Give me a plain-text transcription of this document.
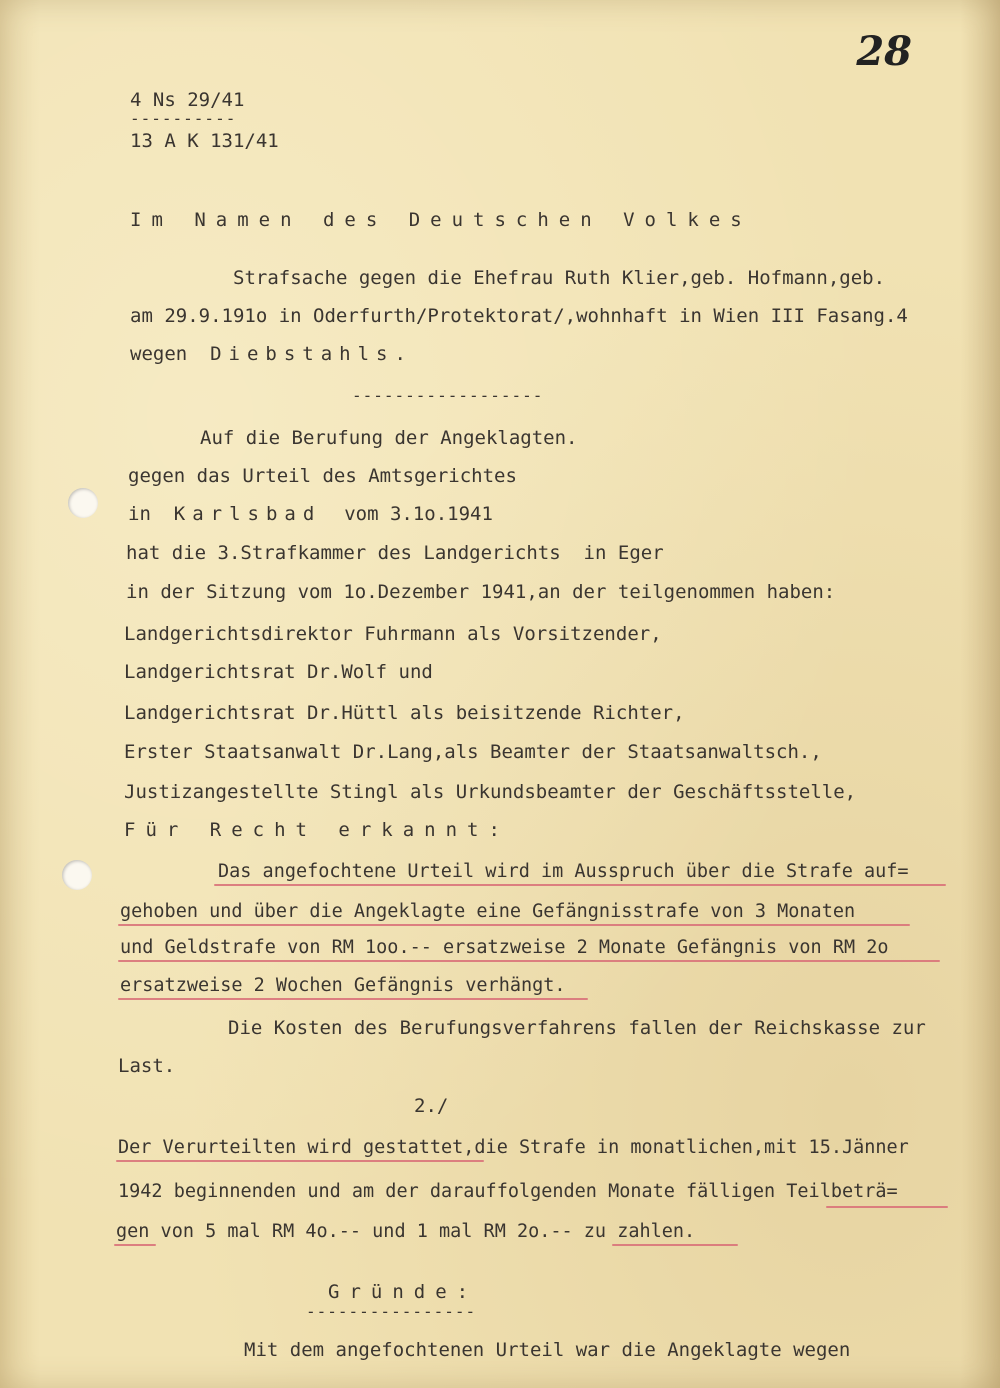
28
4 Ns 29/41
----------
13 A K 131/41
Im Namen des Deutschen Volkes
Strafsache gegen die Ehefrau Ruth Klier,geb. Hofmann,geb.
am 29.9.191o in Oderfurth/Protektorat/,wohnhaft in Wien III Fasang.4
wegen Diebstahls.
------------------
Auf die Berufung der Angeklagten.
gegen das Urteil des Amtsgerichtes
in Karlsbad vom 3.1o.1941
hat die 3.Strafkammer des Landgerichts  in Eger
in der Sitzung vom 1o.Dezember 1941,an der teilgenommen haben:
Landgerichtsdirektor Fuhrmann als Vorsitzender,
Landgerichtsrat Dr.Wolf und
Landgerichtsrat Dr.Hüttl als beisitzende Richter,
Erster Staatsanwalt Dr.Lang,als Beamter der Staatsanwaltsch.,
Justizangestellte Stingl als Urkundsbeamter der Geschäftsstelle,
Für Recht erkannt:
Das angefochtene Urteil wird im Ausspruch über die Strafe auf=
gehoben und über die Angeklagte eine Gefängnisstrafe von 3 Monaten
und Geldstrafe von RM 1oo.-- ersatzweise 2 Monate Gefängnis von RM 2o
ersatzweise 2 Wochen Gefängnis verhängt.
Die Kosten des Berufungsverfahrens fallen der Reichskasse zur
Last.
2./
Der Verurteilten wird gestattet,die Strafe in monatlichen,mit 15.Jänner
1942 beginnenden und am der darauffolgenden Monate fälligen Teilbeträ=
gen von 5 mal RM 4o.-- und 1 mal RM 2o.-- zu zahlen.
Gründe:
----------------
Mit dem angefochtenen Urteil war die Angeklagte wegen
